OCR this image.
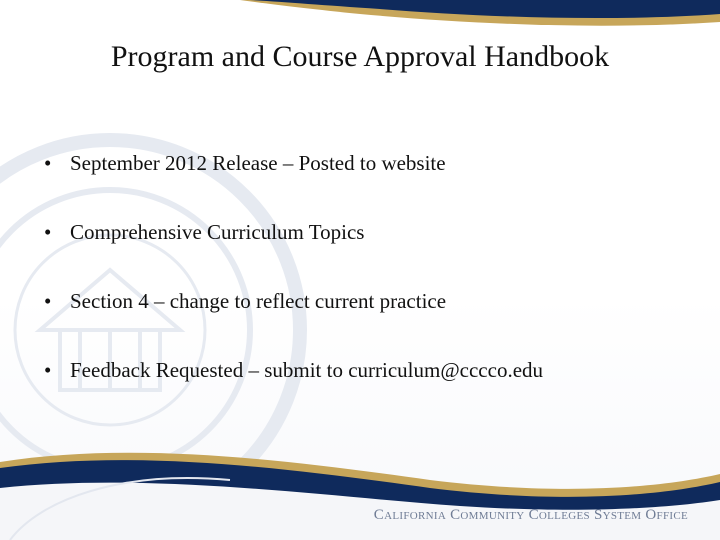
Program and Course Approval Handbook
• September 2012 Release – Posted to website
• Comprehensive Curriculum Topics
• Section 4 – change to reflect current practice
• Feedback Requested – submit to curriculum@cccco.edu
California Community Colleges System Office
